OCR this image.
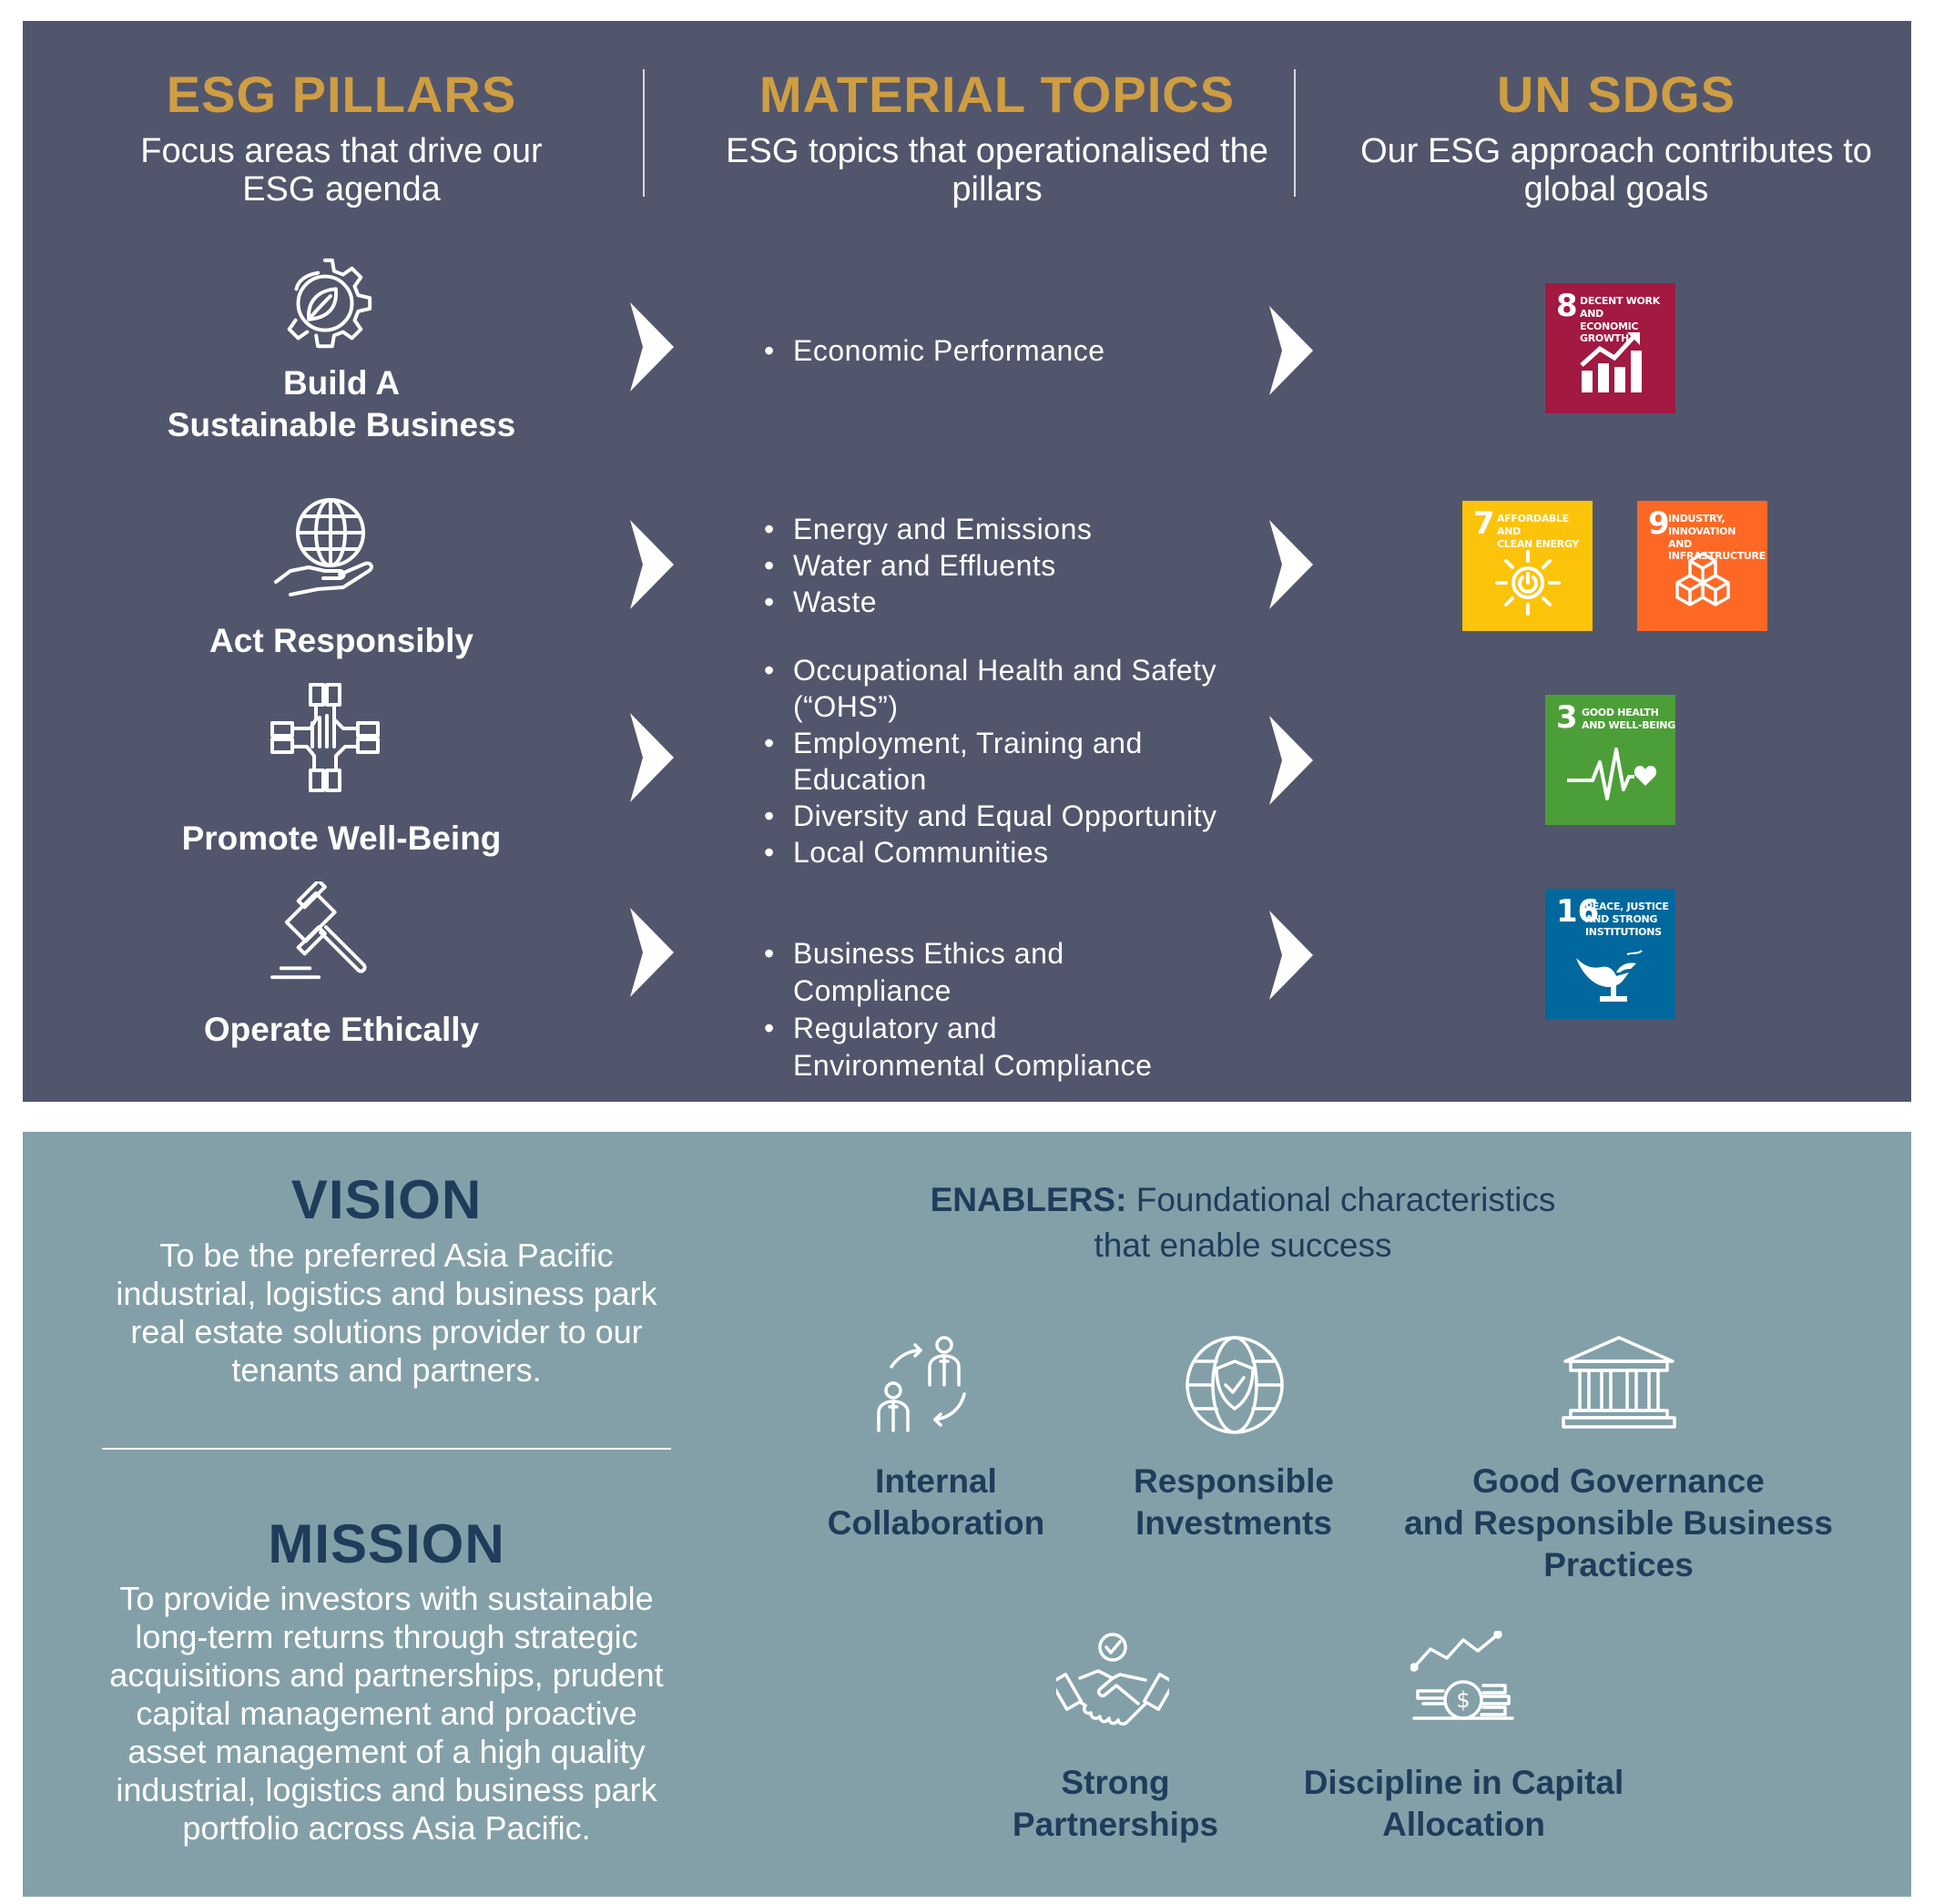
ESG PILLARS
Focus areas that drive our
ESG agenda
MATERIAL TOPICS
ESG topics that operationalised the
pillars
UN SDGS
Our ESG approach contributes to
global goals
Build A
Sustainable Business
Act Responsibly
Promote Well-Being
Operate Ethically
• Economic Performance
• Energy and Emissions
• Water and Effluents
• Waste
• Occupational Health and Safety
(“OHS”)
• Employment, Training and
Education
• Diversity and Equal Opportunity
• Local Communities
• Business Ethics and
Compliance
• Regulatory and
Environmental Compliance
8 DECENT WORK AND
ECONOMIC GROWTH
7 AFFORDABLE AND
CLEAN ENERGY
9
INDUSTRY, INNOVATION
AND INFRASTRUCTURE
3 GOOD HEALTH
AND WELL-BEING
16
PEACE, JUSTICE
AND STRONG
INSTITUTIONS
VISION
To be the preferred Asia Pacific
industrial, logistics and business park
real estate solutions provider to our
tenants and partners.
MISSION
To provide investors with sustainable
long-term returns through strategic
acquisitions and partnerships, prudent
capital management and proactive
asset management of a high quality
industrial, logistics and business park
portfolio across Asia Pacific.
ENABLERS: Foundational characteristics
that enable success
Internal
Collaboration
Responsible
Investments
Good Governance
and Responsible Business
Practices
Strong
Partnerships
$
Discipline in Capital
Allocation
